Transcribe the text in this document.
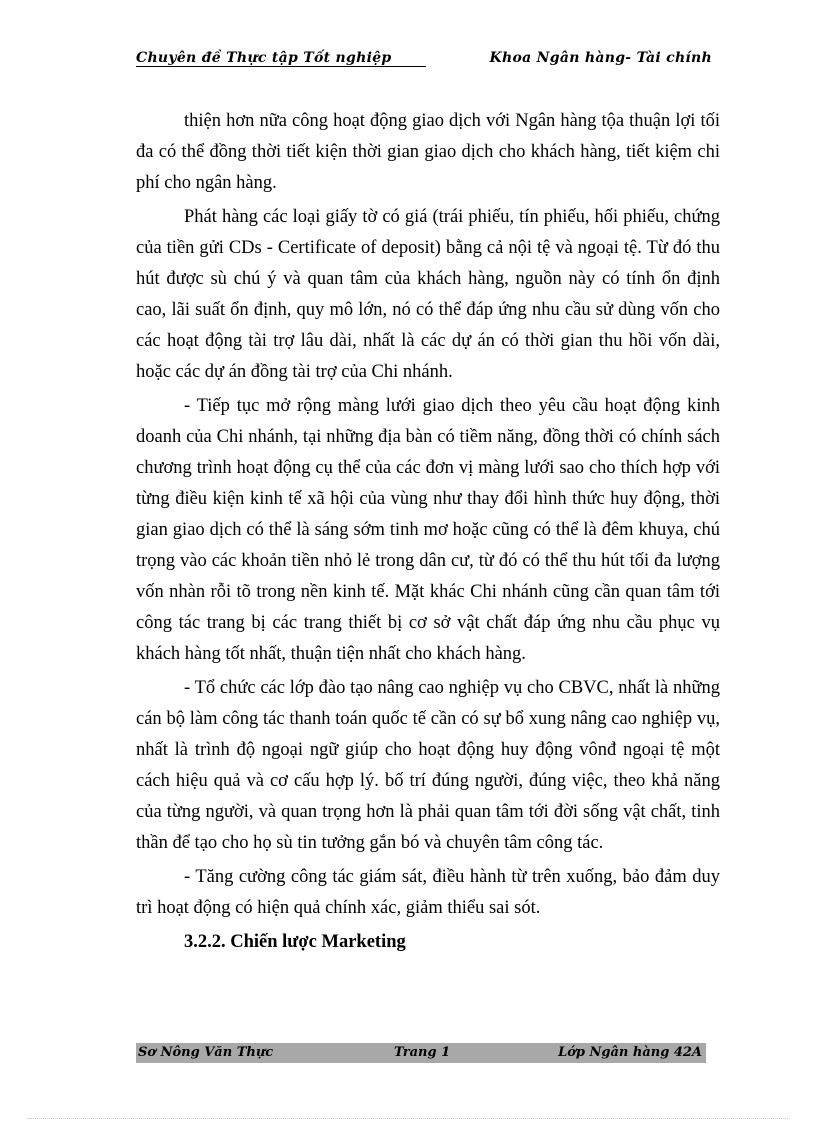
Chuyên đề Thực tập Tốt nghiệp	Khoa Ngân hàng- Tài chính

thiện hơn nữa công hoạt động giao dịch với Ngân hàng tộa thuận lợi tối đa có thể đồng thời tiết kiện thời gian giao dịch cho khách hàng, tiết kiệm chi phí cho ngân hàng.

Phát hàng các loại giấy tờ có giá (trái phiếu, tín phiếu, hối phiếu, chứng của tiền gửi CDs - Certificate of deposit) bằng cả nội tệ và ngoại tệ. Từ đó thu hút được sù chú ý và quan tâm của khách hàng, nguồn này có tính ổn định cao, lãi suất ổn định, quy mô lớn, nó có thể đáp ứng nhu cầu sử dùng vốn cho các hoạt động tài trợ lâu dài, nhất là các dự án có thời gian thu hồi vốn dài, hoặc các dự án đồng tài trợ của Chi nhánh.

- Tiếp tục mở rộng màng lưới giao dịch theo yêu cầu hoạt động kinh doanh của Chi nhánh, tại những địa bàn có tiềm năng, đồng thời có chính sách chương trình hoạt động cụ thể của các đơn vị màng lưới sao cho thích hợp với từng điều kiện kinh tế xã hội của vùng như thay đổi hình thức huy động, thời gian giao dịch có thể là sáng sớm tinh mơ hoặc cũng có thể là đêm khuya, chú trọng vào các khoản tiền nhỏ lẻ trong dân cư, từ đó có thể thu hút tối đa lượng vốn nhàn rỗi tõ trong nền kinh tế. Mặt khác Chi nhánh cũng cần quan tâm tới công tác trang bị các trang thiết bị cơ sở vật chất đáp ứng nhu cầu phục vụ khách hàng tốt nhất, thuận tiện nhất cho khách hàng.

- Tổ chức các lớp đào tạo nâng cao nghiệp vụ cho CBVC, nhất là những cán bộ làm công tác thanh toán quốc tế cần có sự bổ xung nâng cao nghiệp vụ, nhất là trình độ ngoại ngữ giúp cho hoạt động huy động vônđ ngoại tệ một cách hiệu quả và cơ cấu hợp lý. bố trí đúng người, đúng việc, theo khả năng của từng người, và quan trọng hơn là phải quan tâm tới đời sống vật chất, tinh thần để tạo cho họ sù tin tưởng gắn bó và chuyên tâm công tác.

- Tăng cường công tác giám sát, điều hành từ trên xuống, bảo đảm duy trì hoạt động có hiện quả chính xác, giảm thiểu sai sót.

3.2.2. Chiến lược Marketing

Sơ Nông Văn Thực	Trang 1	Lớp Ngân hàng 42A
